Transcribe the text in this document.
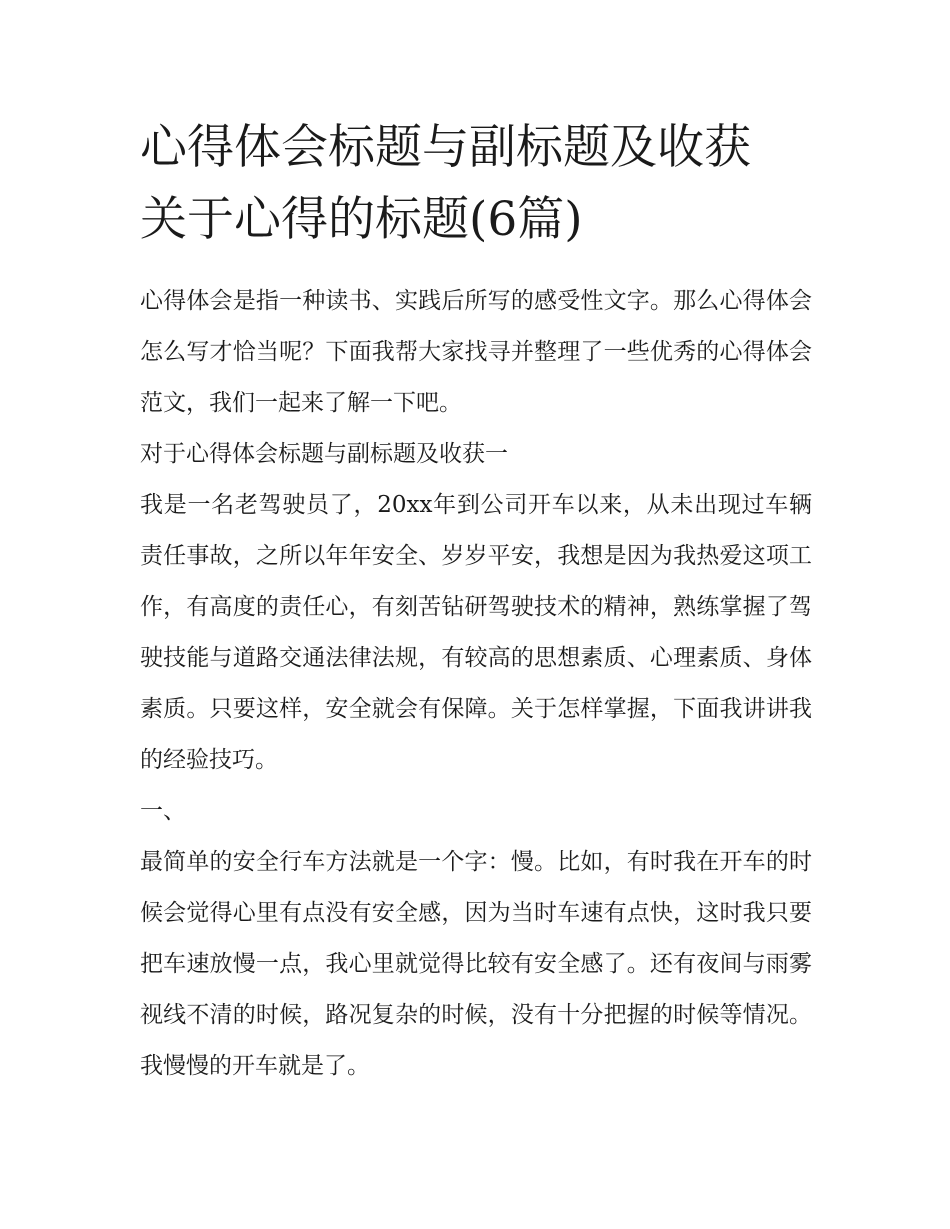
心得体会标题与副标题及收获
关于心得的标题(6篇)

心得体会是指一种读书、实践后所写的感受性文字。那么心得体会怎么写才恰当呢？下面我帮大家找寻并整理了一些优秀的心得体会范文，我们一起来了解一下吧。

对于心得体会标题与副标题及收获一

我是一名老驾驶员了，20xx年到公司开车以来，从未出现过车辆责任事故，之所以年年安全、岁岁平安，我想是因为我热爱这项工作，有高度的责任心，有刻苦钻研驾驶技术的精神，熟练掌握了驾驶技能与道路交通法律法规，有较高的思想素质、心理素质、身体素质。只要这样，安全就会有保障。关于怎样掌握，下面我讲讲我的经验技巧。

一、

最简单的安全行车方法就是一个字：慢。比如，有时我在开车的时候会觉得心里有点没有安全感，因为当时车速有点快，这时我只要把车速放慢一点，我心里就觉得比较有安全感了。还有夜间与雨雾视线不清的时候，路况复杂的时候，没有十分把握的时候等情况。我慢慢的开车就是了。
